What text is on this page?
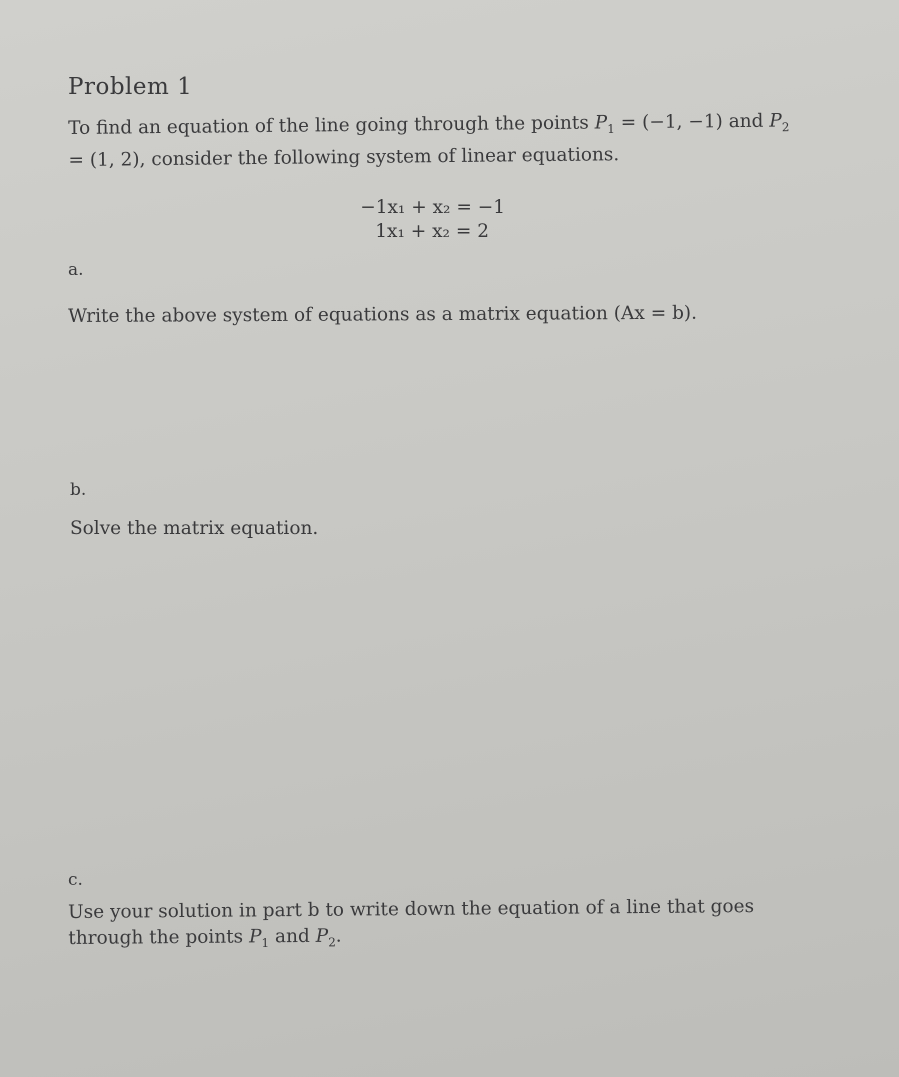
Problem 1
To find an equation of the line going through the points $P_1 = (-1$, −1) and $P_2 = (1$, 2), consider the following system of linear equations.
−1x₁ + x₂ = −1
1x₁ + x₂ = 2
a.
Write the above system of equations as a matrix equation (Ax = b).
b.
Solve the matrix equation.
c.
Use your solution in part b to write down the equation of a line that goes through the points $P_1$ and $P_2$.
